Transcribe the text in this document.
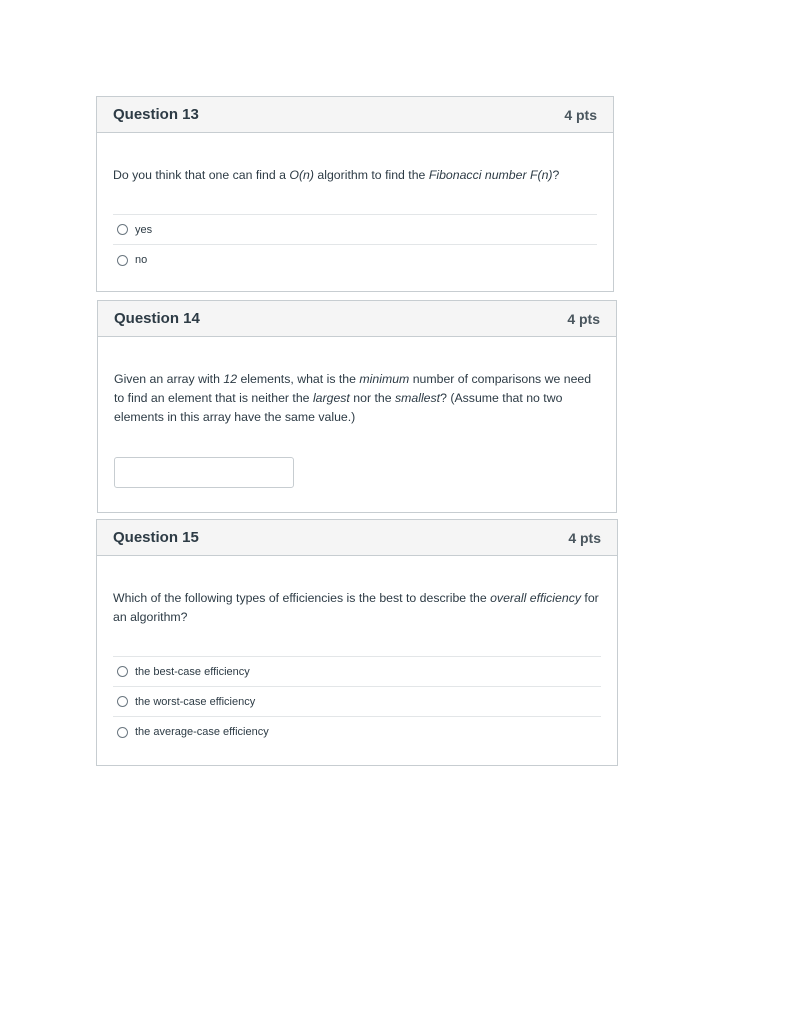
Question 13	4 pts
Do you think that one can find a O(n) algorithm to find the Fibonacci number F(n)?
yes
no
Question 14	4 pts
Given an array with 12 elements, what is the minimum number of comparisons we need to find an element that is neither the largest nor the smallest? (Assume that no two elements in this array have the same value.)
Question 15	4 pts
Which of the following types of efficiencies is the best to describe the overall efficiency for an algorithm?
the best-case efficiency
the worst-case efficiency
the average-case efficiency
